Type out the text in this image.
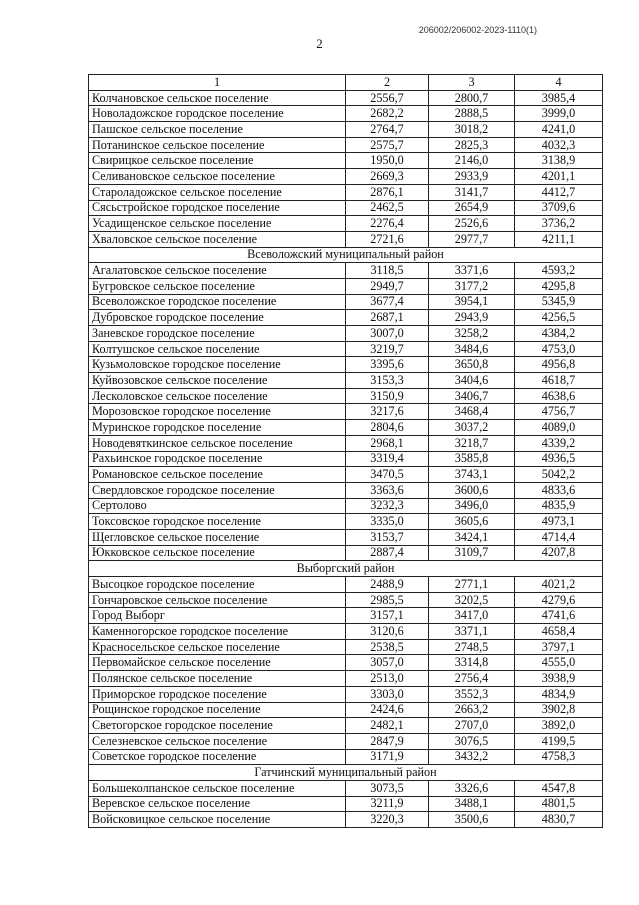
206002/206002-2023-1110(1)
2
1	2	3	4
Колчановское сельское поселение	2556,7	2800,7	3985,4
Новоладожское городское поселение	2682,2	2888,5	3999,0
Пашское сельское поселение	2764,7	3018,2	4241,0
Потанинское сельское поселение	2575,7	2825,3	4032,3
Свирицкое сельское поселение	1950,0	2146,0	3138,9
Селивановское сельское поселение	2669,3	2933,9	4201,1
Староладожское сельское поселение	2876,1	3141,7	4412,7
Сясьстройское городское поселение	2462,5	2654,9	3709,6
Усадищенское сельское поселение	2276,4	2526,6	3736,2
Хваловское сельское поселение	2721,6	2977,7	4211,1
Всеволожский муниципальный район			
Агалатовское сельское поселение	3118,5	3371,6	4593,2
Бугровское сельское поселение	2949,7	3177,2	4295,8
Всеволожское городское поселение	3677,4	3954,1	5345,9
Дубровское городское поселение	2687,1	2943,9	4256,5
Заневское городское поселение	3007,0	3258,2	4384,2
Колтушское сельское поселение	3219,7	3484,6	4753,0
Кузьмоловское городское поселение	3395,6	3650,8	4956,8
Куйвозовское сельское поселение	3153,3	3404,6	4618,7
Лесколовское сельское поселение	3150,9	3406,7	4638,6
Морозовское городское поселение	3217,6	3468,4	4756,7
Муринское городское поселение	2804,6	3037,2	4089,0
Новодевяткинское сельское поселение	2968,1	3218,7	4339,2
Рахьинское городское поселение	3319,4	3585,8	4936,5
Романовское сельское поселение	3470,5	3743,1	5042,2
Свердловское городское поселение	3363,6	3600,6	4833,6
Сертолово	3232,3	3496,0	4835,9
Токсовское городское поселение	3335,0	3605,6	4973,1
Щегловское сельское поселение	3153,7	3424,1	4714,4
Юкковское сельское поселение	2887,4	3109,7	4207,8
Выборгский район			
Высоцкое городское поселение	2488,9	2771,1	4021,2
Гончаровское сельское поселение	2985,5	3202,5	4279,6
Город Выборг	3157,1	3417,0	4741,6
Каменногорское городское поселение	3120,6	3371,1	4658,4
Красносельское сельское поселение	2538,5	2748,5	3797,1
Первомайское сельское поселение	3057,0	3314,8	4555,0
Полянское сельское поселение	2513,0	2756,4	3938,9
Приморское городское поселение	3303,0	3552,3	4834,9
Рощинское городское поселение	2424,6	2663,2	3902,8
Светогорское городское поселение	2482,1	2707,0	3892,0
Селезневское сельское поселение	2847,9	3076,5	4199,5
Советское городское поселение	3171,9	3432,2	4758,3
Гатчинский муниципальный район			
Большеколпанское сельское поселение	3073,5	3326,6	4547,8
Веревское сельское поселение	3211,9	3488,1	4801,5
Войсковицкое сельское поселение	3220,3	3500,6	4830,7
